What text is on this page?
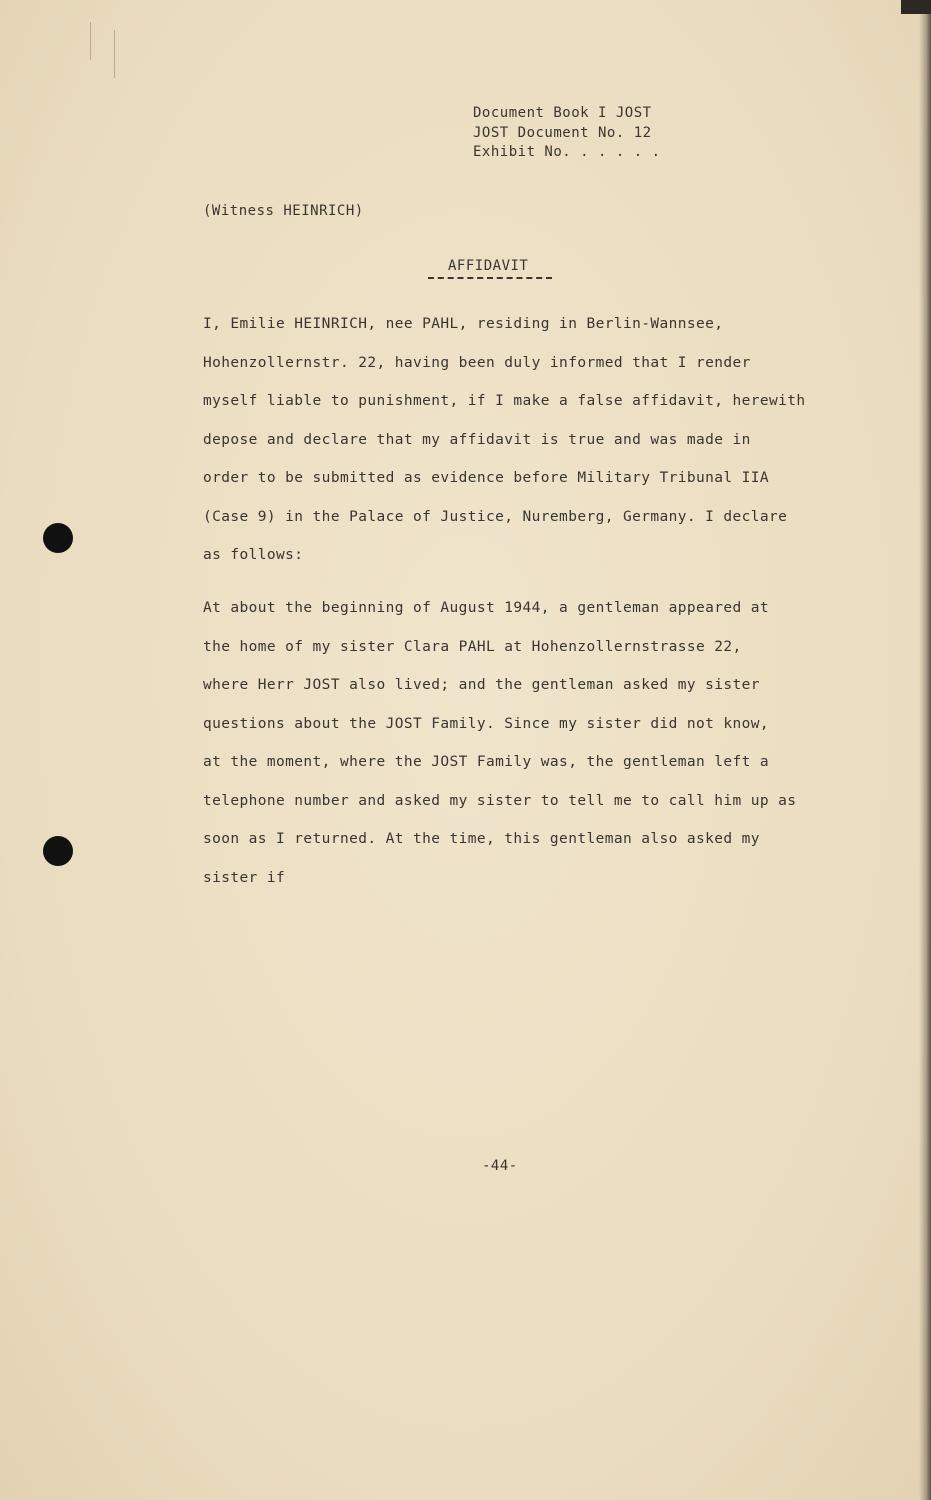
Document Book I JOST
JOST Document No. 12
Exhibit No. . . . . .
(Witness HEINRICH)
AFFIDAVIT
I, Emilie HEINRICH, nee PAHL, residing in Berlin-Wannsee,
Hohenzollernstr. 22, having been duly informed that I render
myself liable to punishment, if I make a false affidavit, herewith
depose and declare that my affidavit is true and was made in
order to be submitted as evidence before Military Tribunal IIA
(Case 9) in the Palace of Justice, Nuremberg, Germany. I declare
as follows:
At about the beginning of August 1944, a gentleman appeared at
the home of my sister Clara PAHL at Hohenzollernstrasse 22,
where Herr JOST also lived; and the gentleman asked my sister
questions about the JOST Family. Since my sister did not know,
at the moment, where the JOST Family was, the gentleman left a
telephone number and asked my sister to tell me to call him up as
soon as I returned. At the time, this gentleman also asked my
sister if
-44-
